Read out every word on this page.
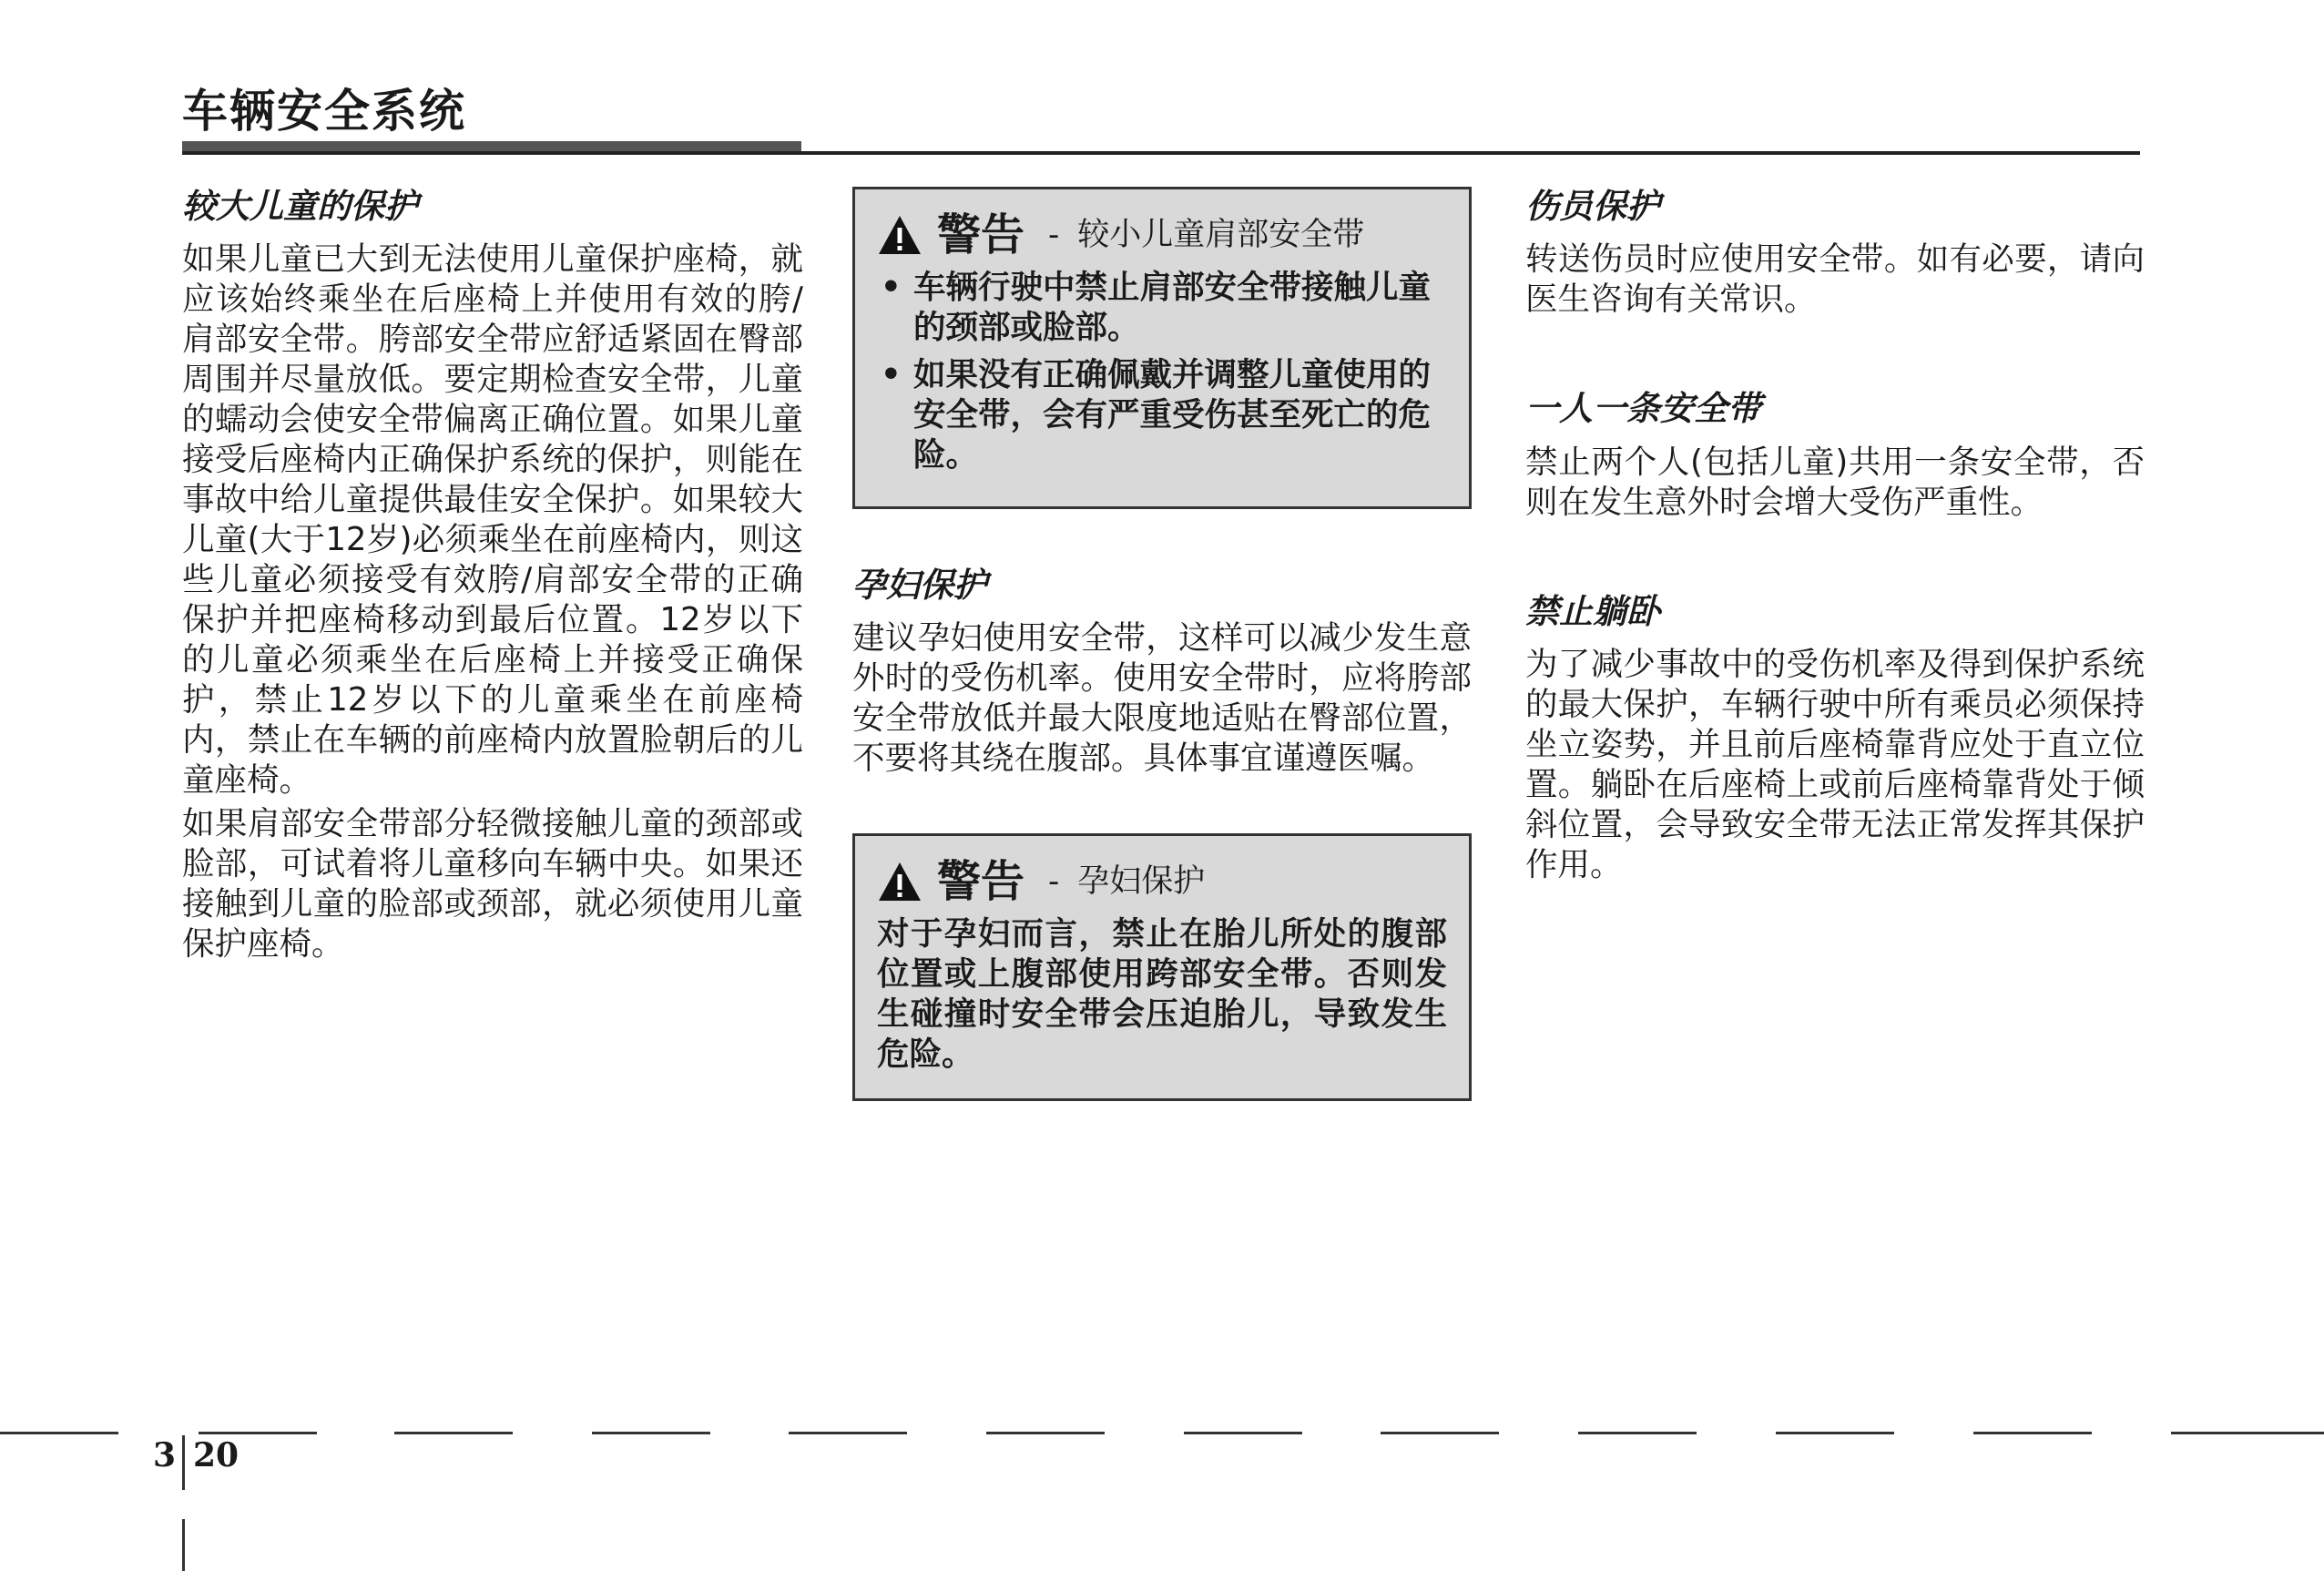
车辆安全系统
较大儿童的保护

如果儿童已大到无法使用儿童保护座椅，就应该始终乘坐在后座椅上并使用有效的胯/肩部安全带。胯部安全带应舒适紧固在臀部周围并尽量放低。要定期检查安全带，儿童的蠕动会使安全带偏离正确位置。如果儿童接受后座椅内正确保护系统的保护，则能在事故中给儿童提供最佳安全保护。如果较大儿童(大于12岁)必须乘坐在前座椅内，则这些儿童必须接受有效胯/肩部安全带的正确保护并把座椅移动到最后位置。12岁以下的儿童必须乘坐在后座椅上并接受正确保护，禁止12岁以下的儿童乘坐在前座椅内，禁止在车辆的前座椅内放置脸朝后的儿童座椅。

如果肩部安全带部分轻微接触儿童的颈部或脸部，可试着将儿童移向车辆中央。如果还接触到儿童的脸部或颈部，就必须使用儿童保护座椅。

警告 - 较小儿童肩部安全带
• 车辆行驶中禁止肩部安全带接触儿童的颈部或脸部。
• 如果没有正确佩戴并调整儿童使用的安全带，会有严重受伤甚至死亡的危险。
孕妇保护

建议孕妇使用安全带，这样可以减少发生意外时的受伤机率。使用安全带时，应将胯部安全带放低并最大限度地适贴在臀部位置，不要将其绕在腹部。具体事宜谨遵医嘱。

警告 - 孕妇保护

对于孕妇而言，禁止在胎儿所处的腹部位置或上腹部使用跨部安全带。否则发生碰撞时安全带会压迫胎儿，导致发生危险。

伤员保护

转送伤员时应使用安全带。如有必要，请向医生咨询有关常识。

一人一条安全带

禁止两个人(包括儿童)共用一条安全带，否则在发生意外时会增大受伤严重性。

禁止躺卧

为了减少事故中的受伤机率及得到保护系统的最大保护，车辆行驶中所有乘员必须保持坐立姿势，并且前后座椅靠背应处于直立位置。躺卧在后座椅上或前后座椅靠背处于倾斜位置，会导致安全带无法正常发挥其保护作用。

3 20
